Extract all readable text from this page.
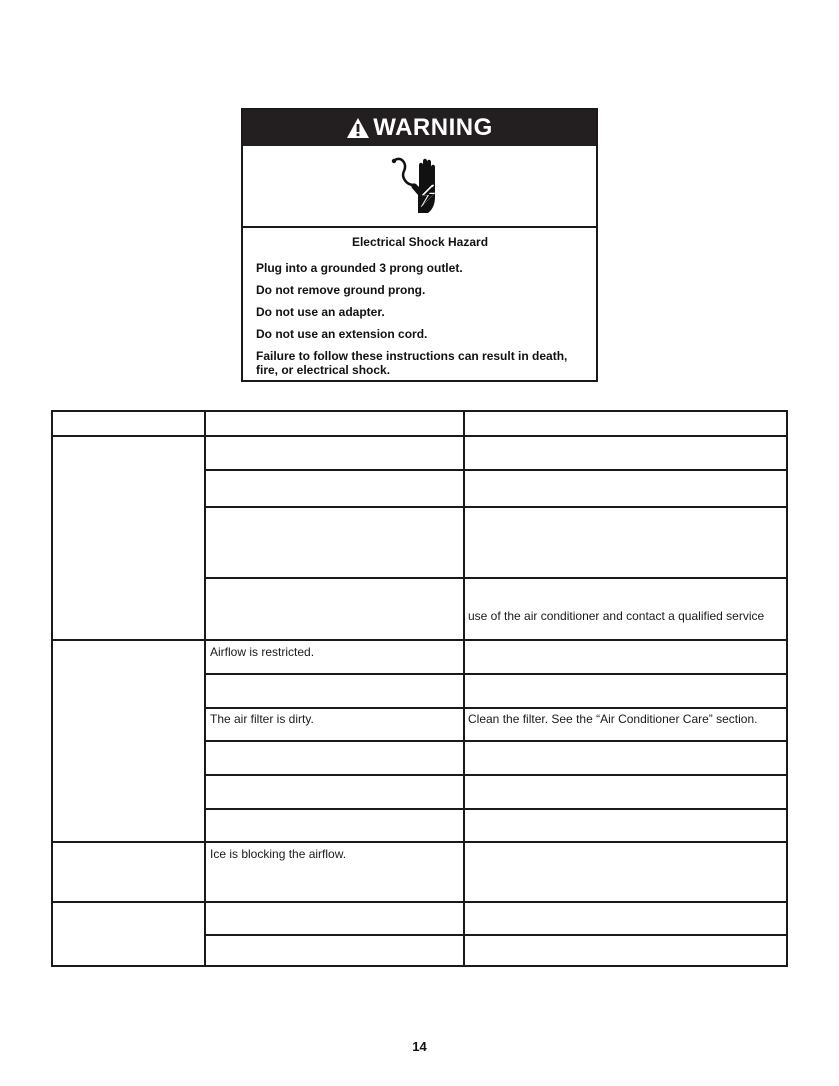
WARNING
Electrical Shock Hazard
Plug into a grounded 3 prong outlet.
Do not remove ground prong.
Do not use an adapter.
Do not use an extension cord.
Failure to follow these instructions can result in death,
fire, or electrical shock.
use of the air conditioner and contact a qualified service
Airflow is restricted.
The air filter is dirty.	Clean the filter. See the “Air Conditioner Care” section.
Ice is blocking the airflow.
14
